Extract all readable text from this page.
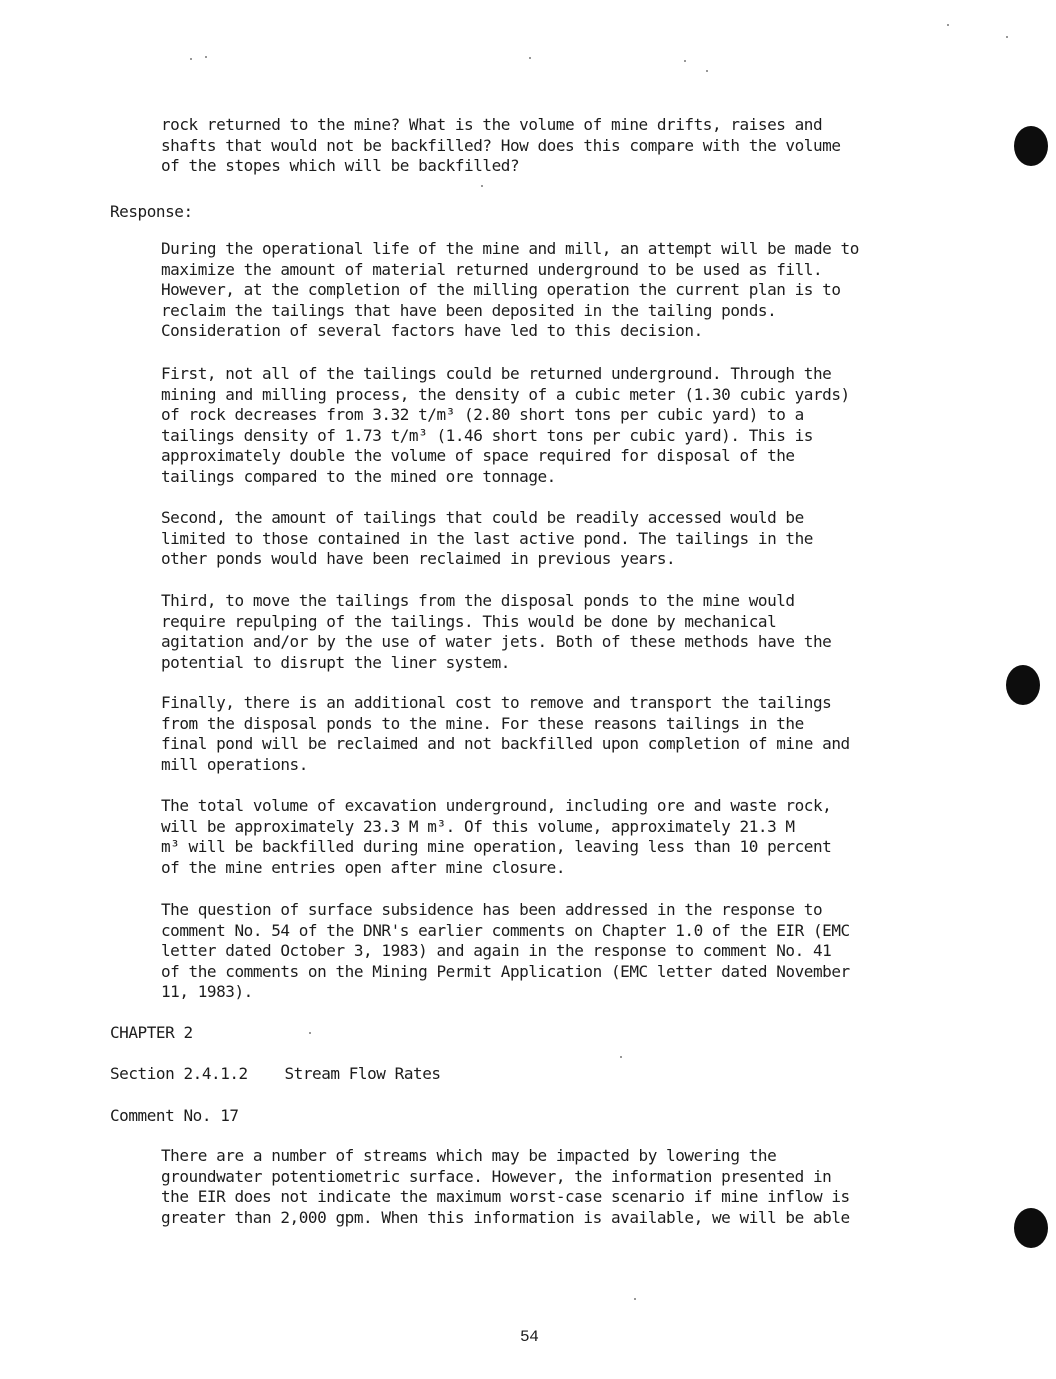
rock returned to the mine? What is the volume of mine drifts, raises and
shafts that would not be backfilled? How does this compare with the volume
of the stopes which will be backfilled?
Response:
During the operational life of the mine and mill, an attempt will be made to
maximize the amount of material returned underground to be used as fill.
However, at the completion of the milling operation the current plan is to
reclaim the tailings that have been deposited in the tailing ponds.
Consideration of several factors have led to this decision.
First, not all of the tailings could be returned underground. Through the
mining and milling process, the density of a cubic meter (1.30 cubic yards)
of rock decreases from 3.32 t/m³ (2.80 short tons per cubic yard) to a
tailings density of 1.73 t/m³ (1.46 short tons per cubic yard). This is
approximately double the volume of space required for disposal of the
tailings compared to the mined ore tonnage.
Second, the amount of tailings that could be readily accessed would be
limited to those contained in the last active pond. The tailings in the
other ponds would have been reclaimed in previous years.
Third, to move the tailings from the disposal ponds to the mine would
require repulping of the tailings. This would be done by mechanical
agitation and/or by the use of water jets. Both of these methods have the
potential to disrupt the liner system.
Finally, there is an additional cost to remove and transport the tailings
from the disposal ponds to the mine. For these reasons tailings in the
final pond will be reclaimed and not backfilled upon completion of mine and
mill operations.
The total volume of excavation underground, including ore and waste rock,
will be approximately 23.3 M m³. Of this volume, approximately 21.3 M
m³ will be backfilled during mine operation, leaving less than 10 percent
of the mine entries open after mine closure.
The question of surface subsidence has been addressed in the response to
comment No. 54 of the DNR's earlier comments on Chapter 1.0 of the EIR (EMC
letter dated October 3, 1983) and again in the response to comment No. 41
of the comments on the Mining Permit Application (EMC letter dated November
11, 1983).
CHAPTER 2
Section 2.4.1.2    Stream Flow Rates
Comment No. 17
There are a number of streams which may be impacted by lowering the
groundwater potentiometric surface. However, the information presented in
the EIR does not indicate the maximum worst-case scenario if mine inflow is
greater than 2,000 gpm. When this information is available, we will be able
54
